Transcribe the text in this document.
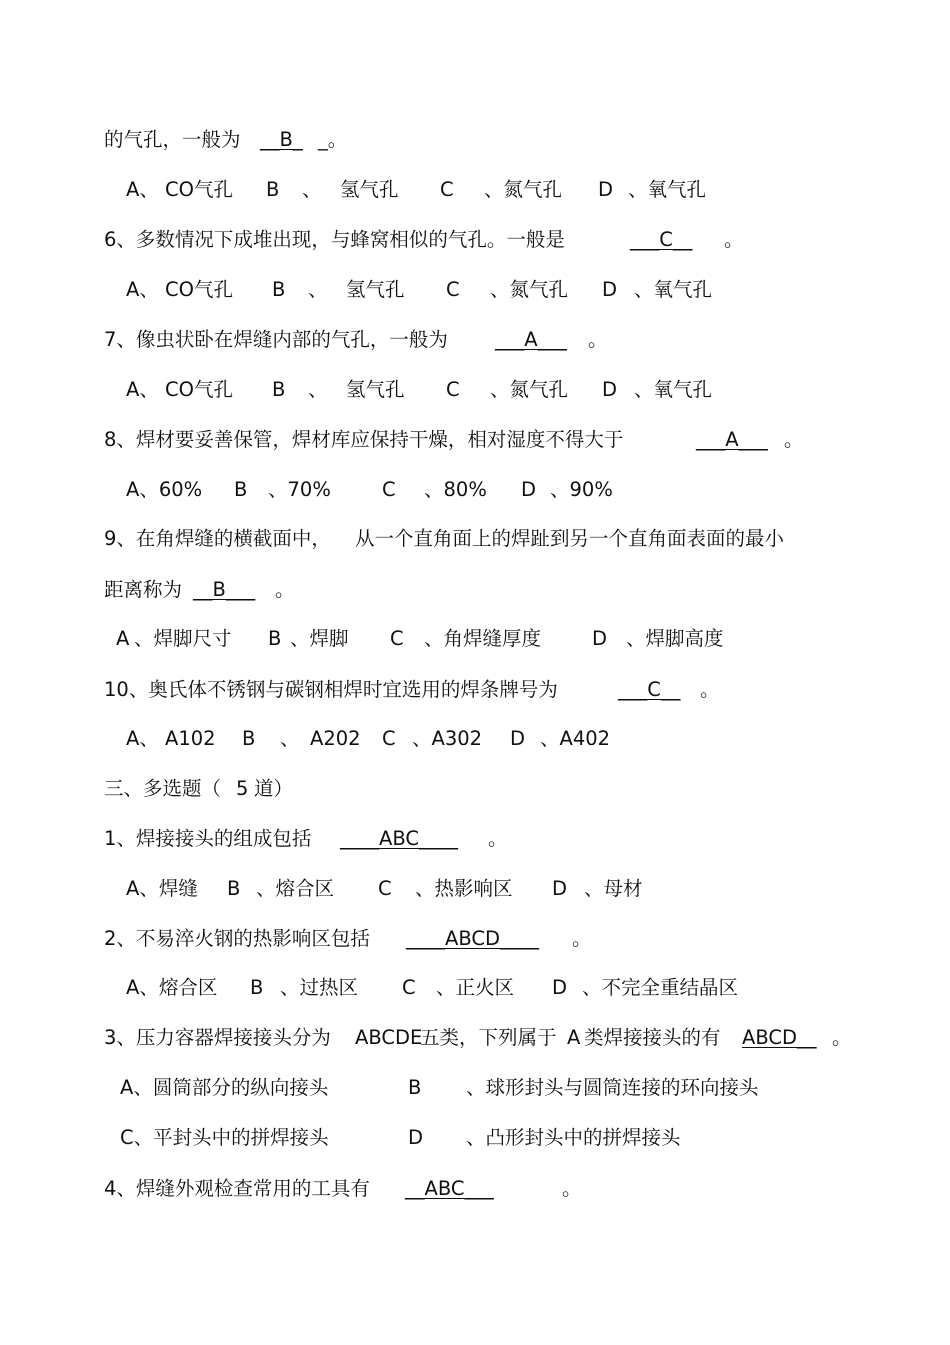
的气孔，一般为 __B_ _。
A、 CO气孔 B 、 氢气孔 C 、氮气孔 D 、氧气孔
6、多数情况下成堆出现，与蜂窝相似的气孔。一般是	___C__ 。
A、 CO气孔 B 、 氢气孔 C 、氮气孔 D 、氧气孔
7、像虫状卧在焊缝内部的气孔，一般为 ___A___ 。
A、 CO气孔 B 、 氢气孔 C 、氮气孔 D 、氧气孔
8、焊材要妥善保管，焊材库应保持干燥，相对湿度不得大于	___A___ 。
A、60% B 、70%	C 、80% D 、90%
9、在角焊缝的横截面中， 从一个直角面上的焊趾到另一个直角面表面的最小
距离称为 __B___ 。
A 、焊脚尺寸 B 、焊脚 C 、角焊缝厚度	D 、焊脚高度
10、奥氏体不锈钢与碳钢相焊时宜选用的焊条牌号为	___C__ 。
A、 A102 B 、 A202 C 、A302 D 、A402
三、多选题（ 5 道）
1、焊接接头的组成包括 ____ABC____ 。
A、焊缝 B 、熔合区 C 、热影响区 D 、母材
2、不易淬火钢的热影响区包括 ____ABCD____ 。
A、熔合区 B 、过热区 C 、正火区 D 、不完全重结晶区
3、压力容器焊接接头分为 ABCDE
五类，下列属于 A 类焊接接头的有 ABCD__ 。
A、圆筒部分的纵向接头	B 、球形封头与圆筒连接的环向接头
C、平封头中的拼焊接头	D 、凸形封头中的拼焊接头
4、焊缝外观检查常用的工具有 __ABC___	。
